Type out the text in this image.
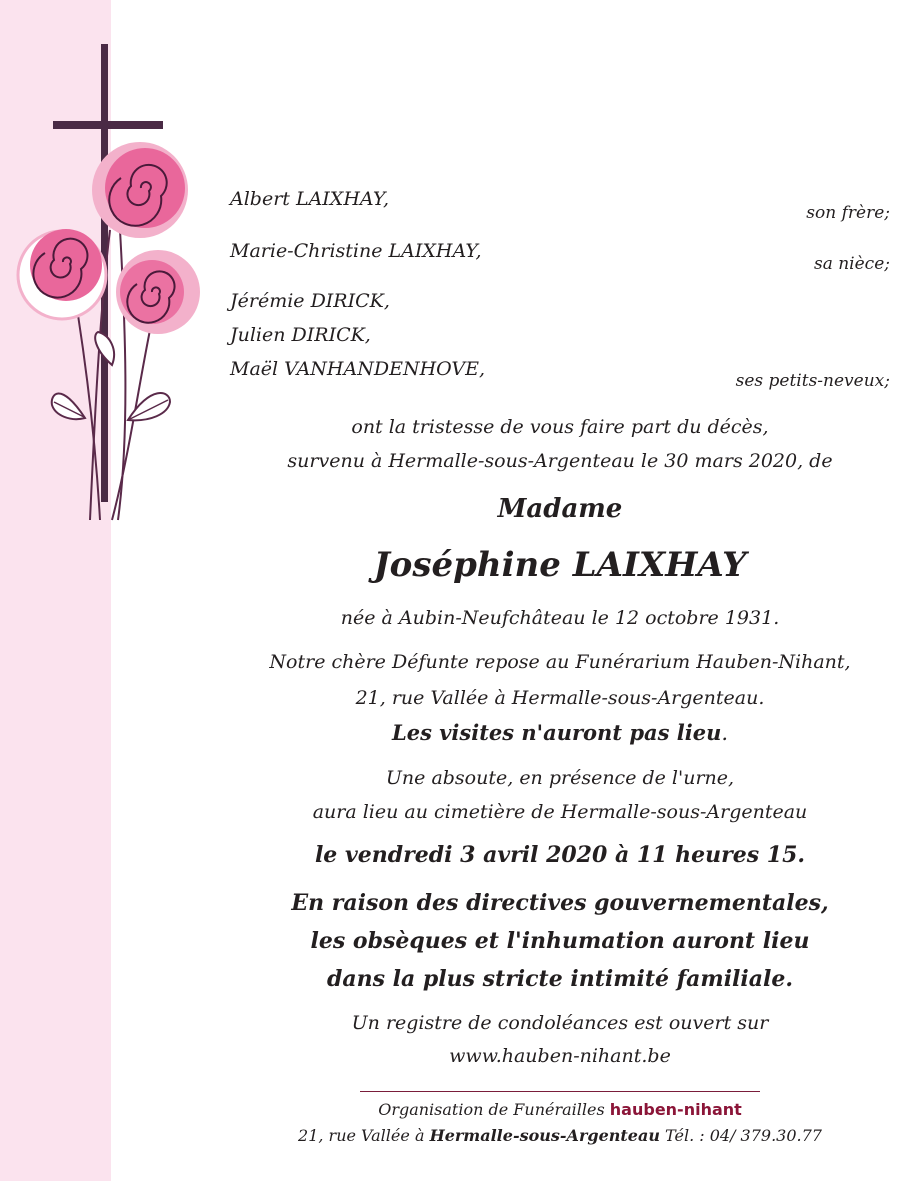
Albert LAIXHAY,
son frère;
Marie-Christine LAIXHAY,
sa nièce;
Jérémie DIRICK,
Julien DIRICK,
Maël VANHANDENHOVE,
ses petits-neveux;
ont la tristesse de vous faire part du décès,
survenu à Hermalle-sous-Argenteau le 30 mars 2020, de
Madame
Joséphine LAIXHAY
née à Aubin-Neufchâteau le 12 octobre 1931.
Notre chère Défunte repose au Funérarium Hauben-Nihant,
21, rue Vallée à Hermalle-sous-Argenteau.
Les visites n'auront pas lieu.
Une absoute, en présence de l'urne,
aura lieu au cimetière de Hermalle-sous-Argenteau
le vendredi 3 avril 2020 à 11 heures 15.
En raison des directives gouvernementales,
les obsèques et l'inhumation auront lieu
dans la plus stricte intimité familiale.
Un registre de condoléances est ouvert sur
www.hauben-nihant.be
Organisation de Funérailles hauben-nihant
21, rue Vallée à Hermalle-sous-Argenteau Tél. : 04/ 379.30.77
